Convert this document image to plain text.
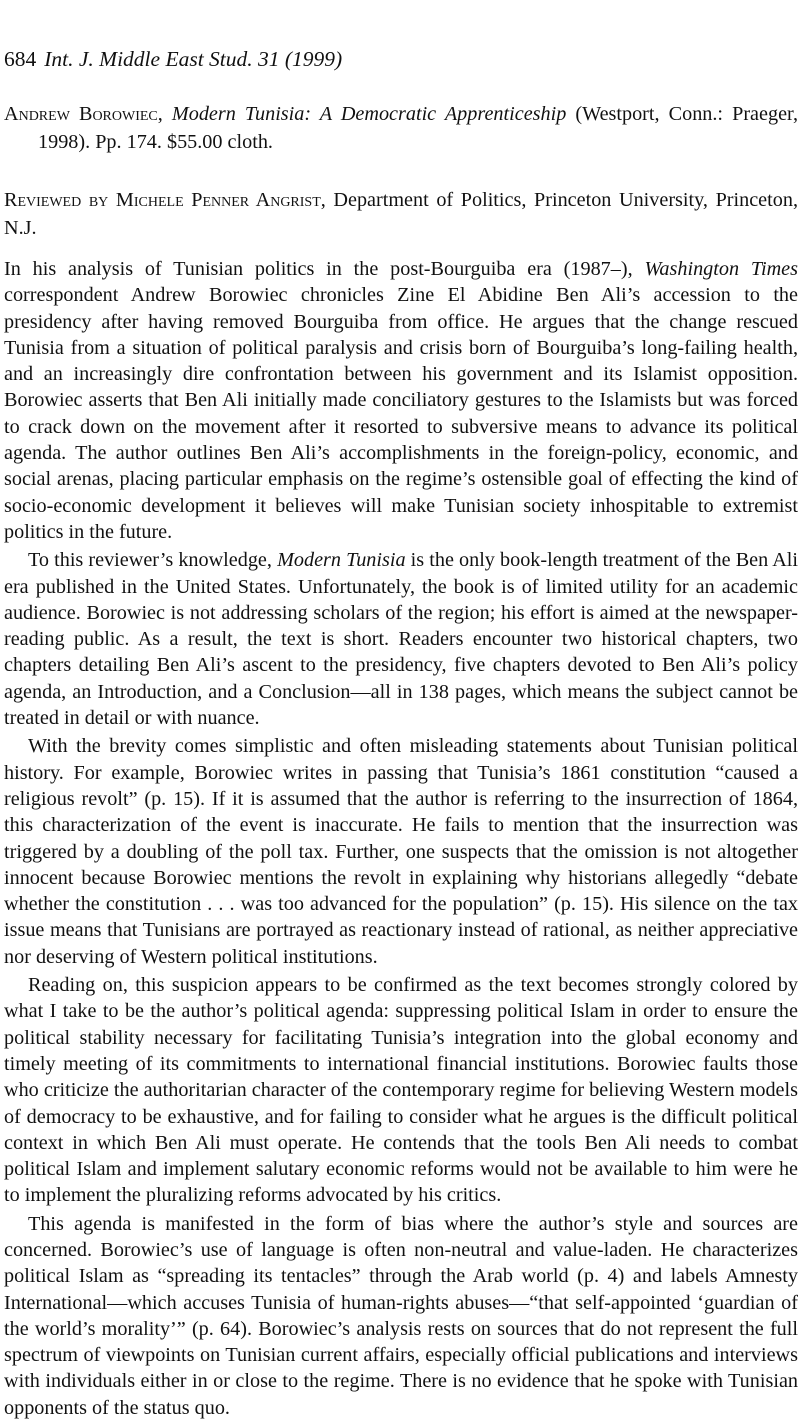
684 Int. J. Middle East Stud. 31 (1999)
Andrew Borowiec, Modern Tunisia: A Democratic Apprenticeship (Westport, Conn.: Praeger, 1998). Pp. 174. $55.00 cloth.
Reviewed by Michele Penner Angrist, Department of Politics, Princeton University, Princeton, N.J.

In his analysis of Tunisian politics in the post-Bourguiba era (1987–), Washington Times correspondent Andrew Borowiec chronicles Zine El Abidine Ben Ali’s accession to the presidency after having removed Bourguiba from office. He argues that the change rescued Tunisia from a situation of political paralysis and crisis born of Bourguiba’s long-failing health, and an increasingly dire confrontation between his government and its Islamist opposition. Borowiec asserts that Ben Ali initially made conciliatory gestures to the Islamists but was forced to crack down on the movement after it resorted to subversive means to advance its political agenda. The author outlines Ben Ali’s accomplishments in the foreign-policy, economic, and social arenas, placing particular emphasis on the regime’s ostensible goal of effecting the kind of socio-economic development it believes will make Tunisian society inhospitable to extremist politics in the future.

To this reviewer’s knowledge, Modern Tunisia is the only book-length treatment of the Ben Ali era published in the United States. Unfortunately, the book is of limited utility for an academic audience. Borowiec is not addressing scholars of the region; his effort is aimed at the newspaper-reading public. As a result, the text is short. Readers encounter two historical chapters, two chapters detailing Ben Ali’s ascent to the presidency, five chapters devoted to Ben Ali’s policy agenda, an Introduction, and a Conclusion—all in 138 pages, which means the subject cannot be treated in detail or with nuance.

With the brevity comes simplistic and often misleading statements about Tunisian political history. For example, Borowiec writes in passing that Tunisia’s 1861 constitution “caused a religious revolt” (p. 15). If it is assumed that the author is referring to the insurrection of 1864, this characterization of the event is inaccurate. He fails to mention that the insurrection was triggered by a doubling of the poll tax. Further, one suspects that the omission is not altogether innocent because Borowiec mentions the revolt in explaining why historians allegedly “debate whether the constitution . . . was too advanced for the population” (p. 15). His silence on the tax issue means that Tunisians are portrayed as reactionary instead of rational, as neither appreciative nor deserving of Western political institutions.

Reading on, this suspicion appears to be confirmed as the text becomes strongly colored by what I take to be the author’s political agenda: suppressing political Islam in order to ensure the political stability necessary for facilitating Tunisia’s integration into the global economy and timely meeting of its commitments to international financial institutions. Borowiec faults those who criticize the authoritarian character of the contemporary regime for believing Western models of democracy to be exhaustive, and for failing to consider what he argues is the difficult political context in which Ben Ali must operate. He contends that the tools Ben Ali needs to combat political Islam and implement salutary economic reforms would not be available to him were he to implement the pluralizing reforms advocated by his critics.

This agenda is manifested in the form of bias where the author’s style and sources are concerned. Borowiec’s use of language is often non-neutral and value-laden. He characterizes political Islam as “spreading its tentacles” through the Arab world (p. 4) and labels Amnesty International—which accuses Tunisia of human-rights abuses—“that self-appointed ‘guardian of the world’s morality’” (p. 64). Borowiec’s analysis rests on sources that do not represent the full spectrum of viewpoints on Tunisian current affairs, especially official publications and interviews with individuals either in or close to the regime. There is no evidence that he spoke with Tunisian opponents of the status quo.
